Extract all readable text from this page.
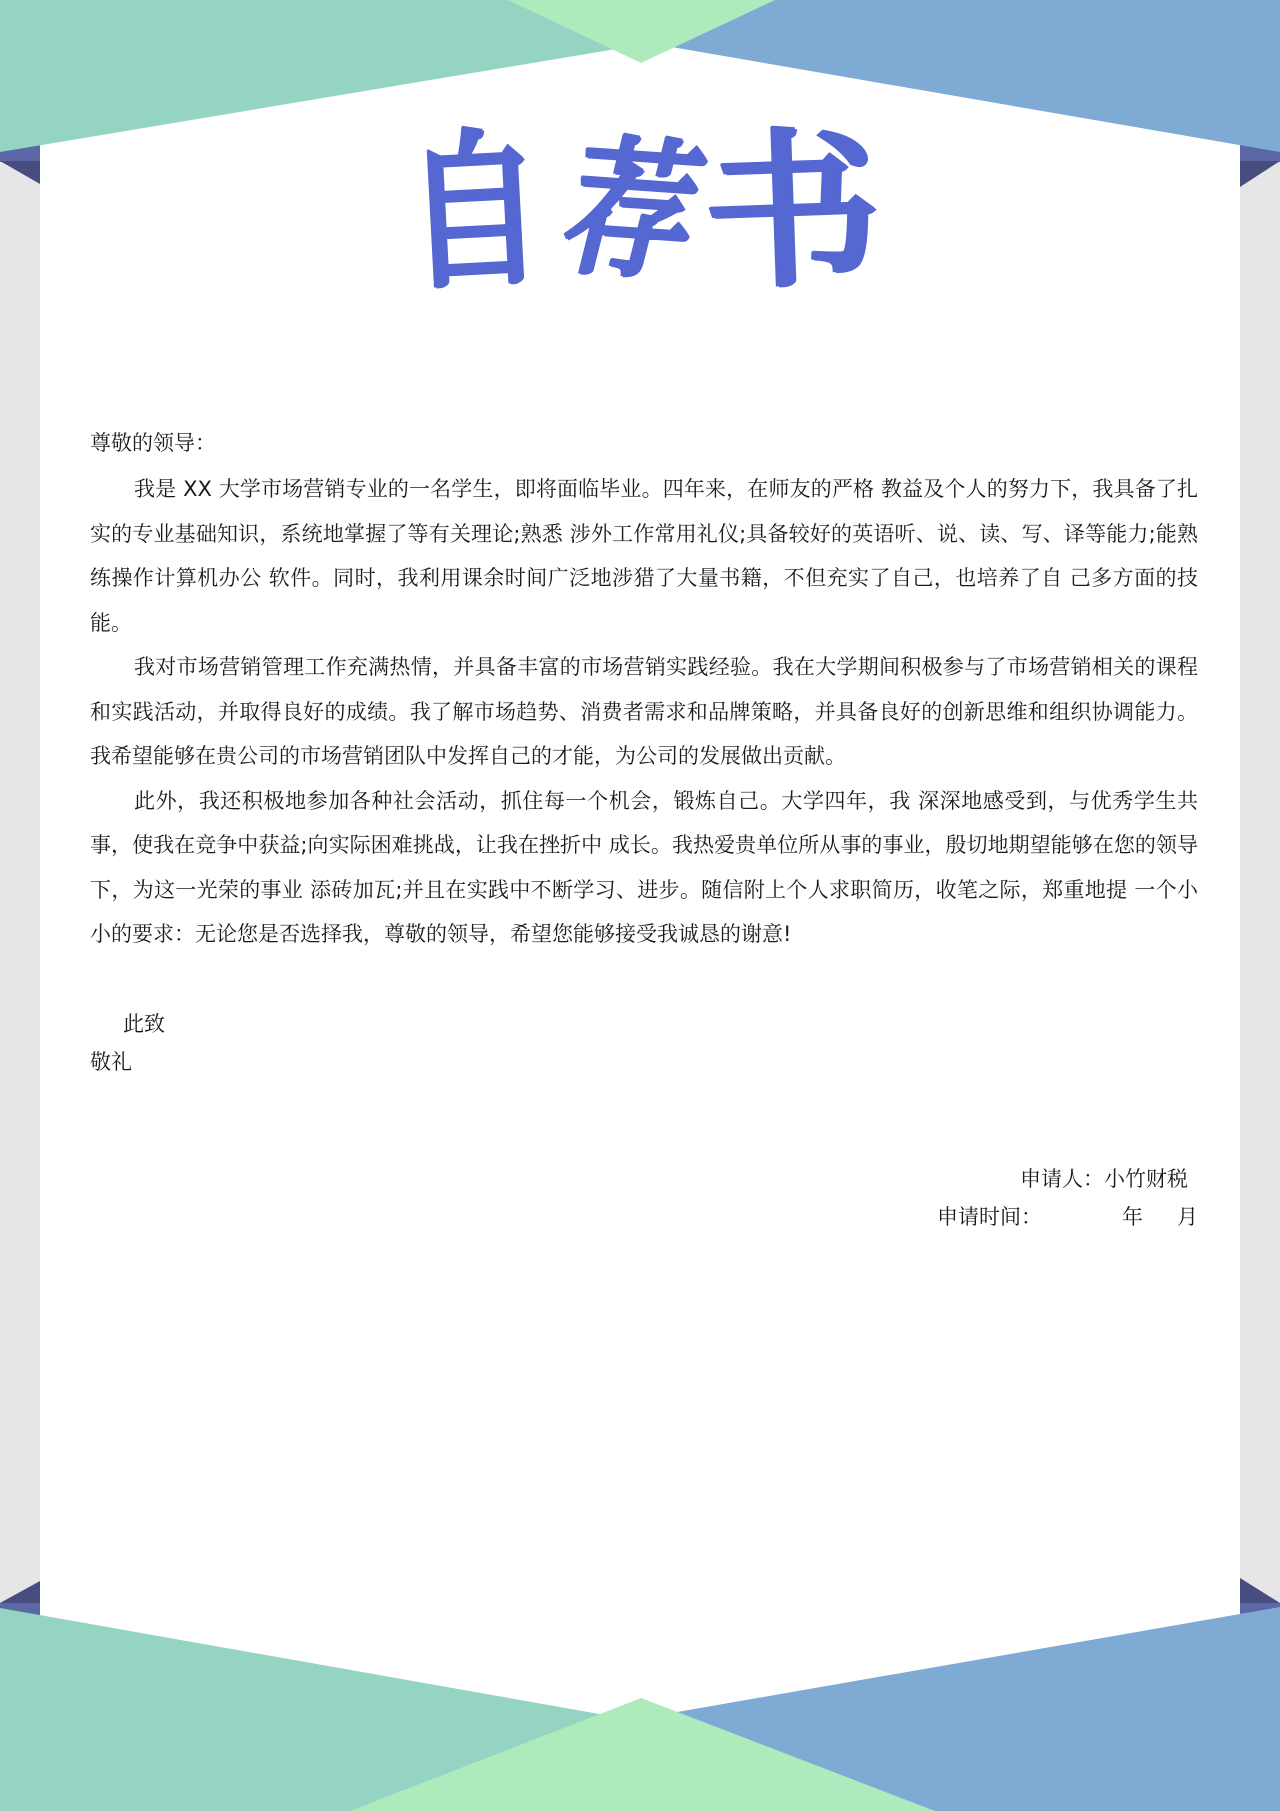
自 荐
书

尊敬的领导：

我是 XX 大学市场营销专业的一名学生，即将面临毕业。四年来，在师友的严格 教益及个人的努力下，我具备了扎实的专业基础知识，系统地掌握了等有关理论;熟悉 涉外工作常用礼仪;具备较好的英语听、说、读、写、译等能力;能熟练操作计算机办公 软件。同时，我利用课余时间广泛地涉猎了大量书籍，不但充实了自己，也培养了自 己多方面的技能。

我对市场营销管理工作充满热情，并具备丰富的市场营销实践经验。我在大学期间积极参与了市场营销相关的课程和实践活动，并取得良好的成绩。我了解市场趋势、消费者需求和品牌策略，并具备良好的创新思维和组织协调能力。我希望能够在贵公司的市场营销团队中发挥自己的才能，为公司的发展做出贡献。

此外，我还积极地参加各种社会活动，抓住每一个机会，锻炼自己。大学四年，我 深深地感受到，与优秀学生共事，使我在竞争中获益;向实际困难挑战，让我在挫折中 成长。我热爱贵单位所从事的事业，殷切地期望能够在您的领导下，为这一光荣的事业 添砖加瓦;并且在实践中不断学习、进步。随信附上个人求职简历，收笔之际，郑重地提 一个小小的要求：无论您是否选择我，尊敬的领导，希望您能够接受我诚恳的谢意!

此致
敬礼
申请人：小竹财税
申请时间：	年 月
